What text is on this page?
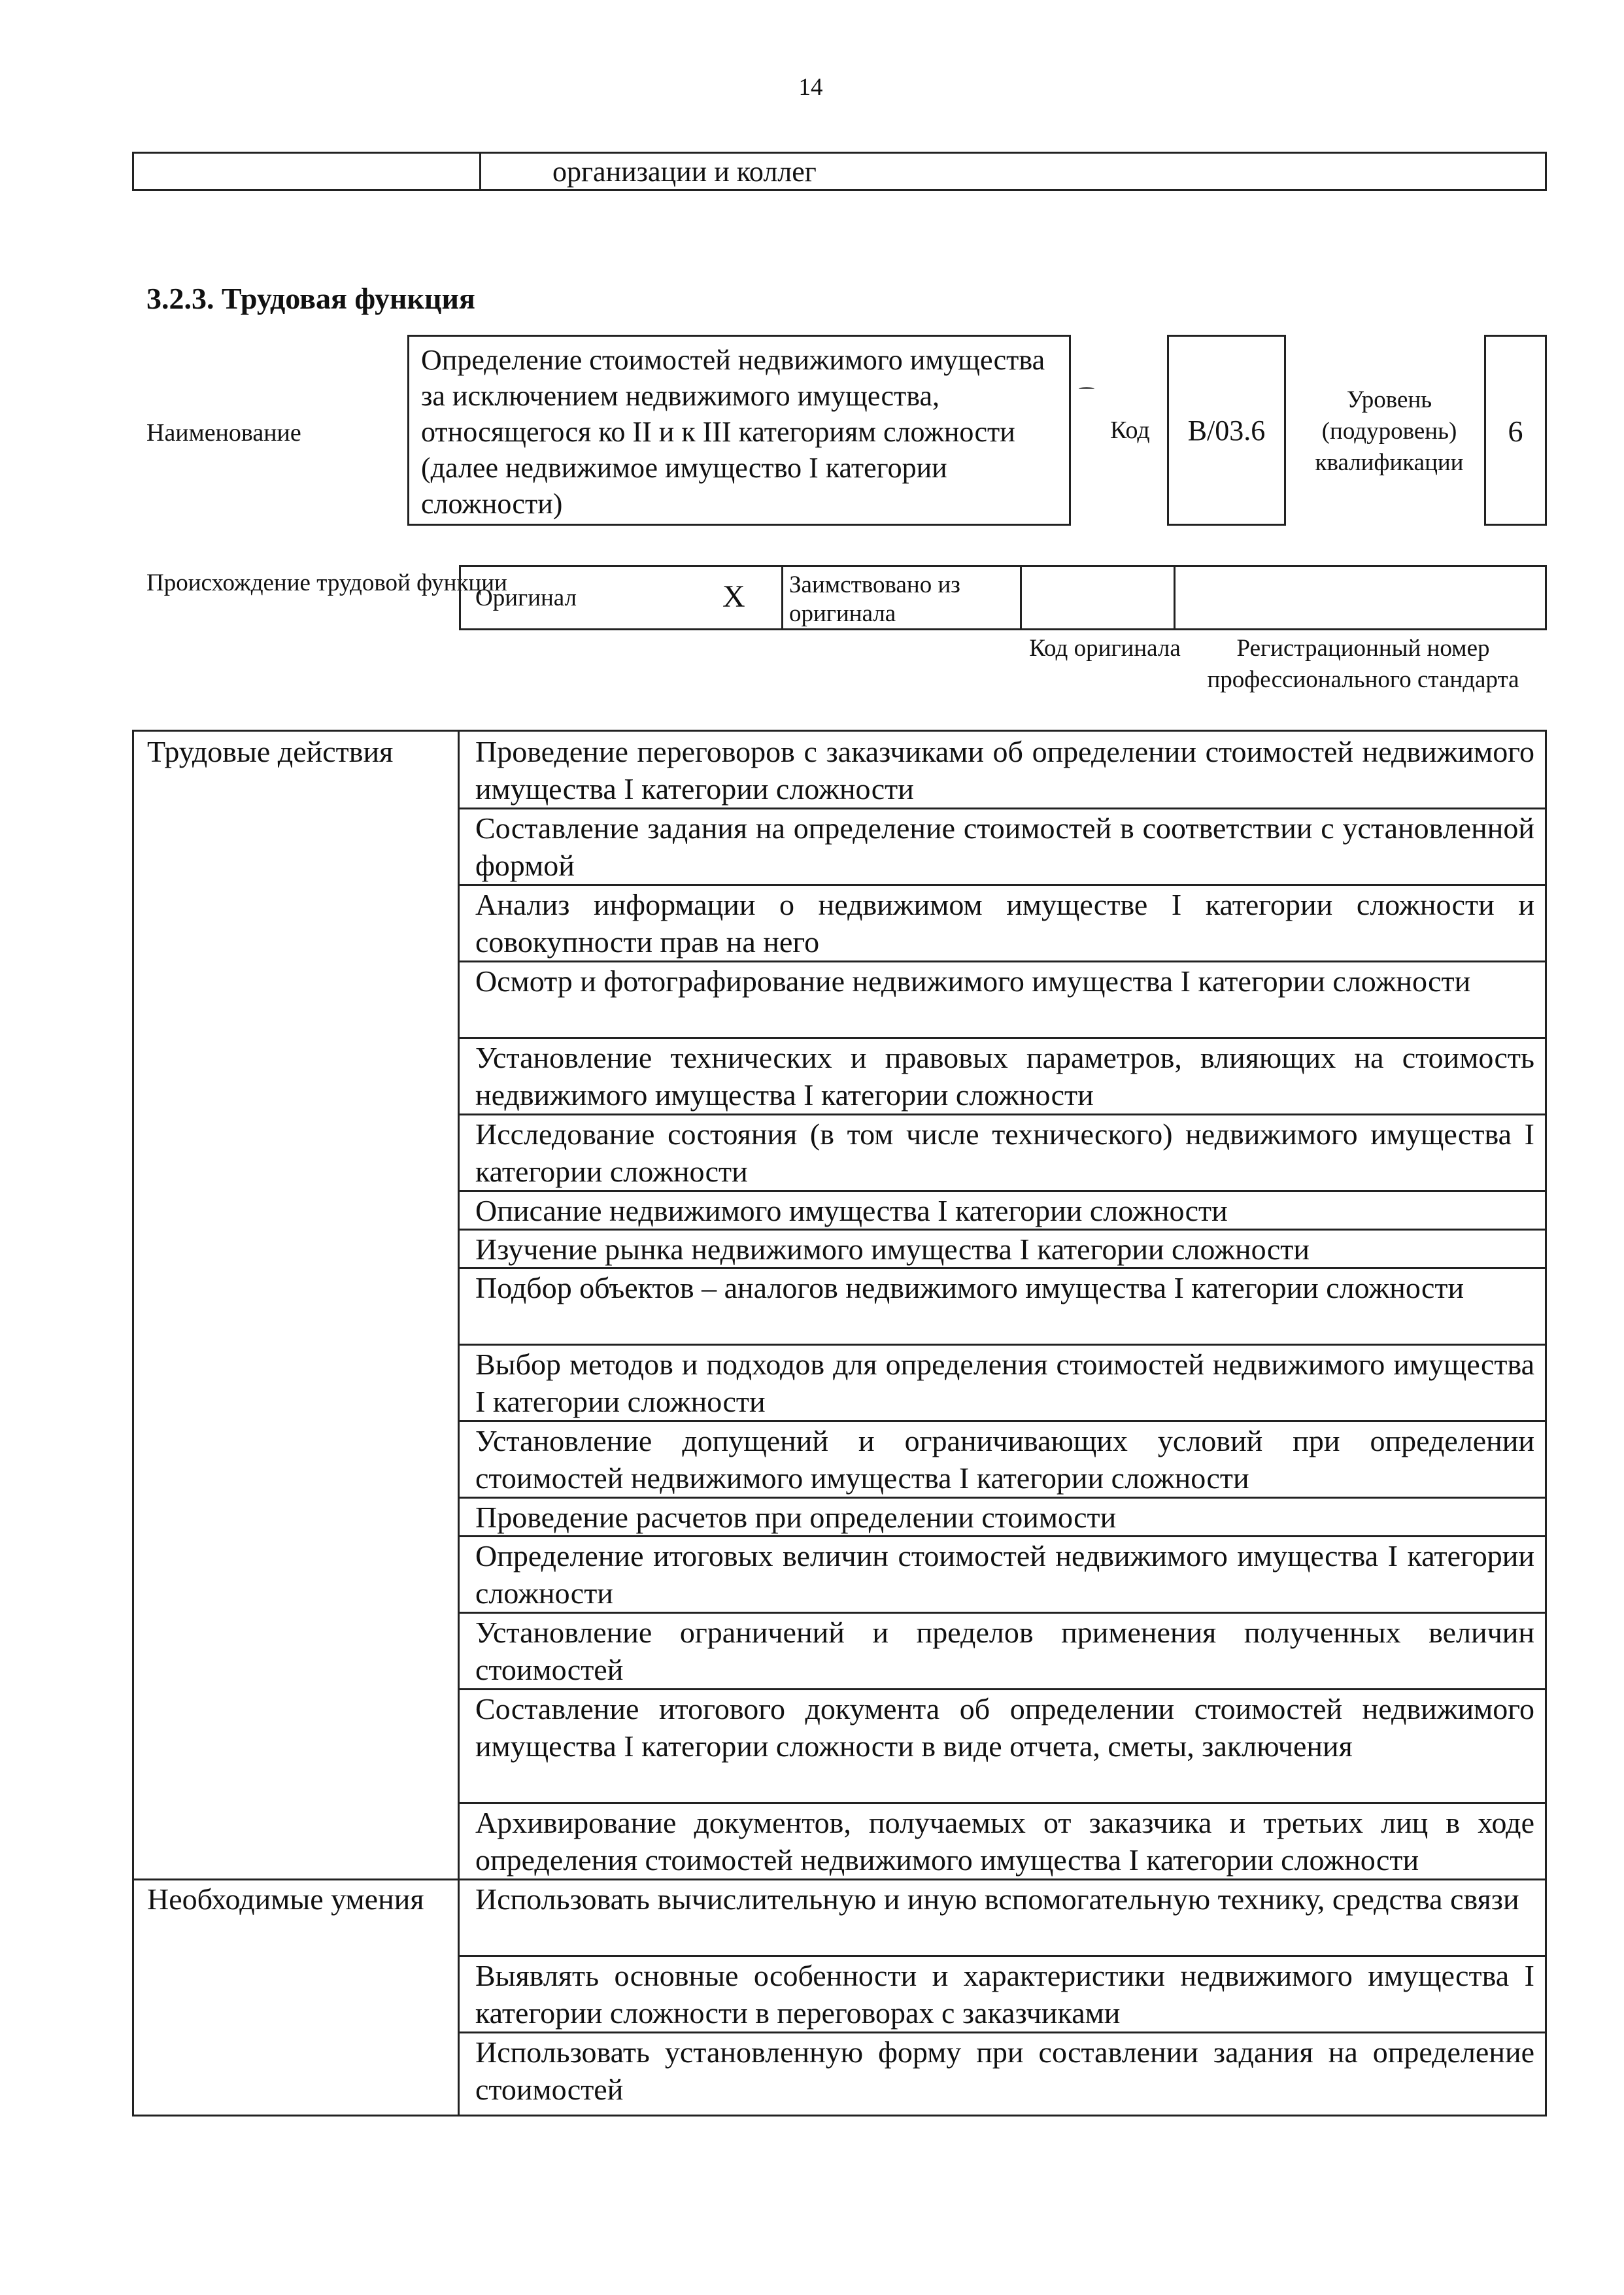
14
организации и коллег
3.2.3. Трудовая функция
Наименование
Определение стоимостей недвижимого имущества за исключением недвижимого имущества, относящегося ко II и к III категориям сложности (далее недвижимое имущество I категории сложности)
Код	В/03.6
Уровень (подуровень) квалификации
6
Происхождение трудовой функции
Оригинал	X Заимствовано из оригинала
Код оригинала	Регистрационный номер профессионального стандарта
Трудовые действия	Проведение переговоров с заказчиками об определении стоимостей недвижимого имущества I категории сложности
Составление задания на определение стоимостей в соответствии с установленной формой
Анализ информации о недвижимом имуществе I категории сложности и совокупности прав на него
Осмотр и фотографирование недвижимого имущества I категории сложности
Установление технических и правовых параметров, влияющих на стоимость недвижимого имущества I категории сложности
Исследование состояния (в том числе технического) недвижимого имущества I категории сложности
Описание недвижимого имущества I категории сложности
Изучение рынка недвижимого имущества I категории сложности
Подбор объектов – аналогов недвижимого имущества I категории сложности
Выбор методов и подходов для определения стоимостей недвижимого имущества I категории сложности
Установление допущений и ограничивающих условий при определении стоимостей недвижимого имущества I категории сложности
Проведение расчетов при определении стоимости
Определение итоговых величин стоимостей недвижимого имущества I категории сложности
Установление ограничений и пределов применения полученных величин стоимостей
Составление итогового документа об определении стоимостей недвижимого имущества I категории сложности в виде отчета, сметы, заключения
Архивирование документов, получаемых от заказчика и третьих лиц в ходе определения стоимостей недвижимого имущества I категории сложности
Необходимые умения	Использовать вычислительную и иную вспомогательную технику, средства связи
Выявлять основные особенности и характеристики недвижимого имущества I категории сложности в переговорах с заказчиками
Использовать установленную форму при составлении задания на определение стоимостей
